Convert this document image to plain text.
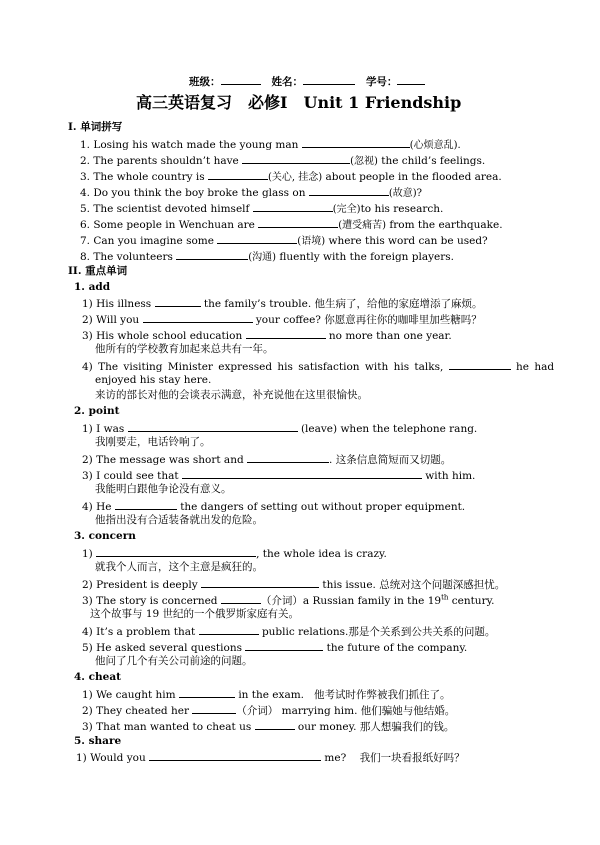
班级：	姓名：	学号：
高三英语复习　必修I　Unit 1 Friendship
I. 单词拼写
1. Losing his watch made the young man	(心烦意乱).
2. The parents shouldn’t have	(忽视) the child’s feelings.
3. The whole country is	(关心, 挂念) about people in the flooded area.
4. Do you think the boy broke the glass on	(故意)?
5. The scientist devoted himself	(完全)to his research.
6. Some people in Wenchuan are	(遭受痛苦) from the earthquake.
7. Can you imagine some	(语境) where this word can be used?
8. The volunteers	(沟通) fluently with the foreign players.
II. 重点单词
1. add
1) His illness	the family’s trouble. 他生病了，给他的家庭增添了麻烦。
2) Will you	your coffee? 你愿意再往你的咖啡里加些糖吗？
3) His whole school education	no more than one year.
他所有的学校教育加起来总共有一年。
4) The visiting Minister expressed his satisfaction with his talks,	he had
enjoyed his stay here.
来访的部长对他的会谈表示满意，补充说他在这里很愉快。
2. point
1) I was	(leave) when the telephone rang.
我刚要走，电话铃响了。
2) The message was short and	. 这条信息简短而又切题。
3) I could see that	with him.
我能明白跟他争论没有意义。
4) He	the dangers of setting out without proper equipment.
他指出没有合适装备就出发的危险。
3. concern
1)	, the whole idea is crazy.
就我个人而言，这个主意是疯狂的。
2) President is deeply	this issue. 总统对这个问题深感担忧。
3) The story is concerned	（介词）a Russian family in the 19th century.
这个故事与 19 世纪的一个俄罗斯家庭有关。
4) It’s a problem that	public relations.那是个关系到公共关系的问题。
5) He asked several questions	the future of the company.
他问了几个有关公司前途的问题。
4. cheat
1) We caught him	in the exam. 他考试时作弊被我们抓住了。
2) They cheated her	（介词） marrying him. 他们骗她与他结婚。
3) That man wanted to cheat us	our money. 那人想骗我们的钱。
5. share
1) Would you	me? 我们一块看报纸好吗？
